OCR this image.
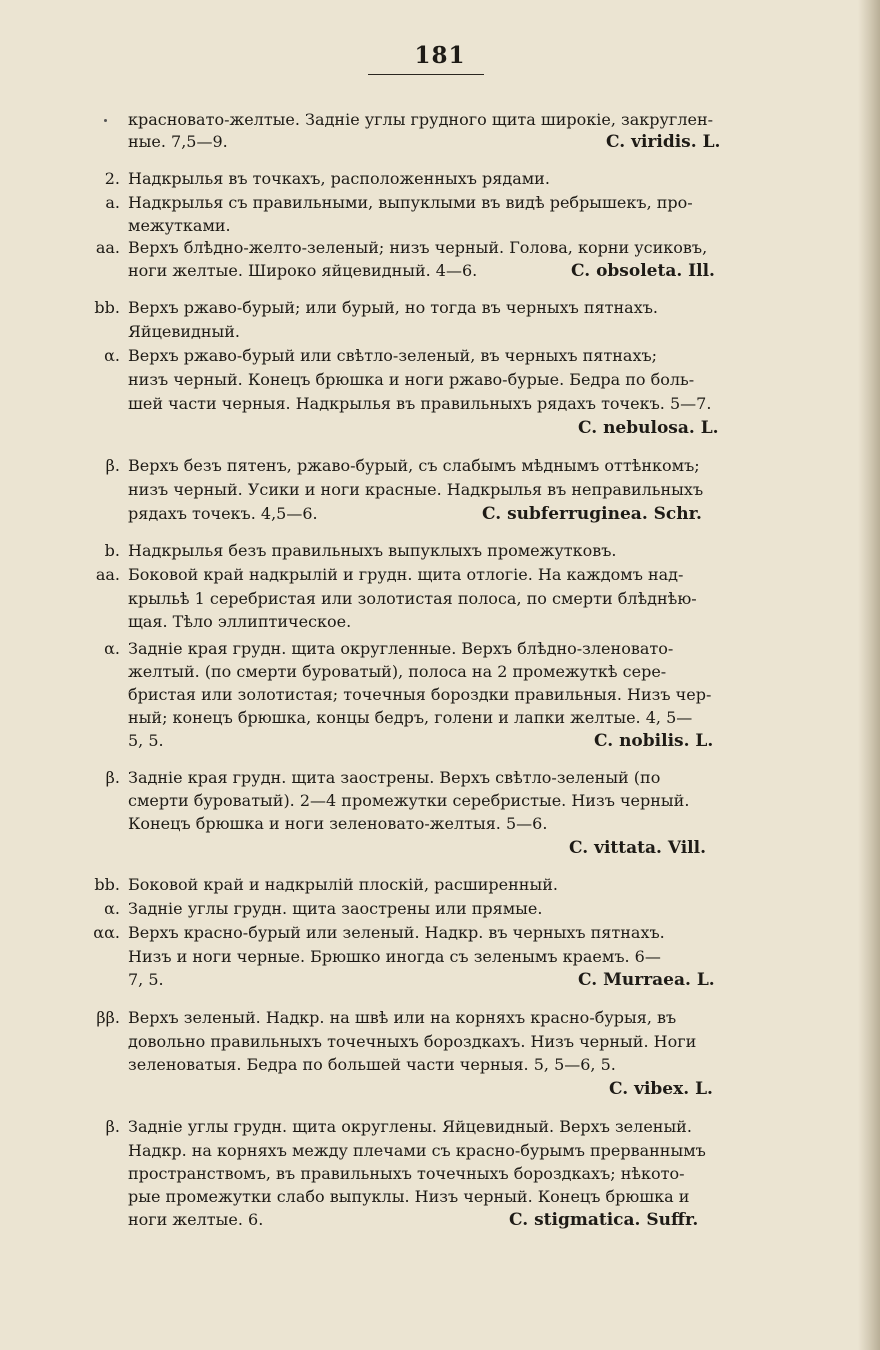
181
красновато-желтые. Задніе углы грудного щита широкіе, закруглен-
ные. 7,5—9.	C. viridis. L.
2. Надкрылья въ точкахъ, расположенныхъ рядами.
a. Надкрылья съ правильными, выпуклыми въ видѣ ребрышекъ, про-
межутками.
aa. Верхъ блѣдно-желто-зеленый; низъ черный. Голова, корни усиковъ,
ноги желтые. Широко яйцевидный. 4—6.	C. obsoleta. Ill.
bb. Верхъ ржаво-бурый; или бурый, но тогда въ черныхъ пятнахъ.
Яйцевидный.
α. Верхъ ржаво-бурый или свѣтло-зеленый, въ черныхъ пятнахъ;
низъ черный. Конецъ брюшка и ноги ржаво-бурые. Бедра по боль-
шей части черныя. Надкрылья въ правильныхъ рядахъ точекъ. 5—7.
C. nebulosa. L.
β. Верхъ безъ пятенъ, ржаво-бурый, съ слабымъ мѣднымъ оттѣнкомъ;
низъ черный. Усики и ноги красные. Надкрылья въ неправильныхъ
рядахъ точекъ. 4,5—6.	C. subferruginea. Schr.
b. Надкрылья безъ правильныхъ выпуклыхъ промежутковъ.
aa. Боковой край надкрылій и грудн. щита отлогіе. На каждомъ над-
крыльѣ 1 серебристая или золотистая полоса, по смерти блѣднѣю-
щая. Тѣло эллиптическое.
α. Задніе края грудн. щита округленные. Верхъ блѣдно-зленовато-
желтый. (по смерти буроватый), полоса на 2 промежуткѣ сере-
бристая или золотистая; точечныя бороздки правильныя. Низъ чер-
ный; конецъ брюшка, концы бедръ, голени и лапки желтые. 4, 5—
5, 5.	C. nobilis. L.
β. Задніе края грудн. щита заострены. Верхъ свѣтло-зеленый (по
смерти буроватый). 2—4 промежутки серебристые. Низъ черный.
Конецъ брюшка и ноги зеленовато-желтыя. 5—6.
C. vittata. Vill.
bb. Боковой край и надкрылій плоскій, расширенный.
α. Задніе углы грудн. щита заострены или прямые.
αα. Верхъ красно-бурый или зеленый. Надкр. въ черныхъ пятнахъ.
Низъ и ноги черные. Брюшко иногда съ зеленымъ краемъ. 6—
7, 5.	C. Murraea. L.
ββ. Верхъ зеленый. Надкр. на швѣ или на корняхъ красно-бурыя, въ
довольно правильныхъ точечныхъ бороздкахъ. Низъ черный. Ноги
зеленоватыя. Бедра по большей части черныя. 5, 5—6, 5.
C. vibex. L.
β. Задніе углы грудн. щита округлены. Яйцевидный. Верхъ зеленый.
Надкр. на корняхъ между плечами съ красно-бурымъ прерваннымъ
пространствомъ, въ правильныхъ точечныхъ бороздкахъ; нѣкото-
рые промежутки слабо выпуклы. Низъ черный. Конецъ брюшка и
ноги желтые. 6.	C. stigmatica. Suffr.
